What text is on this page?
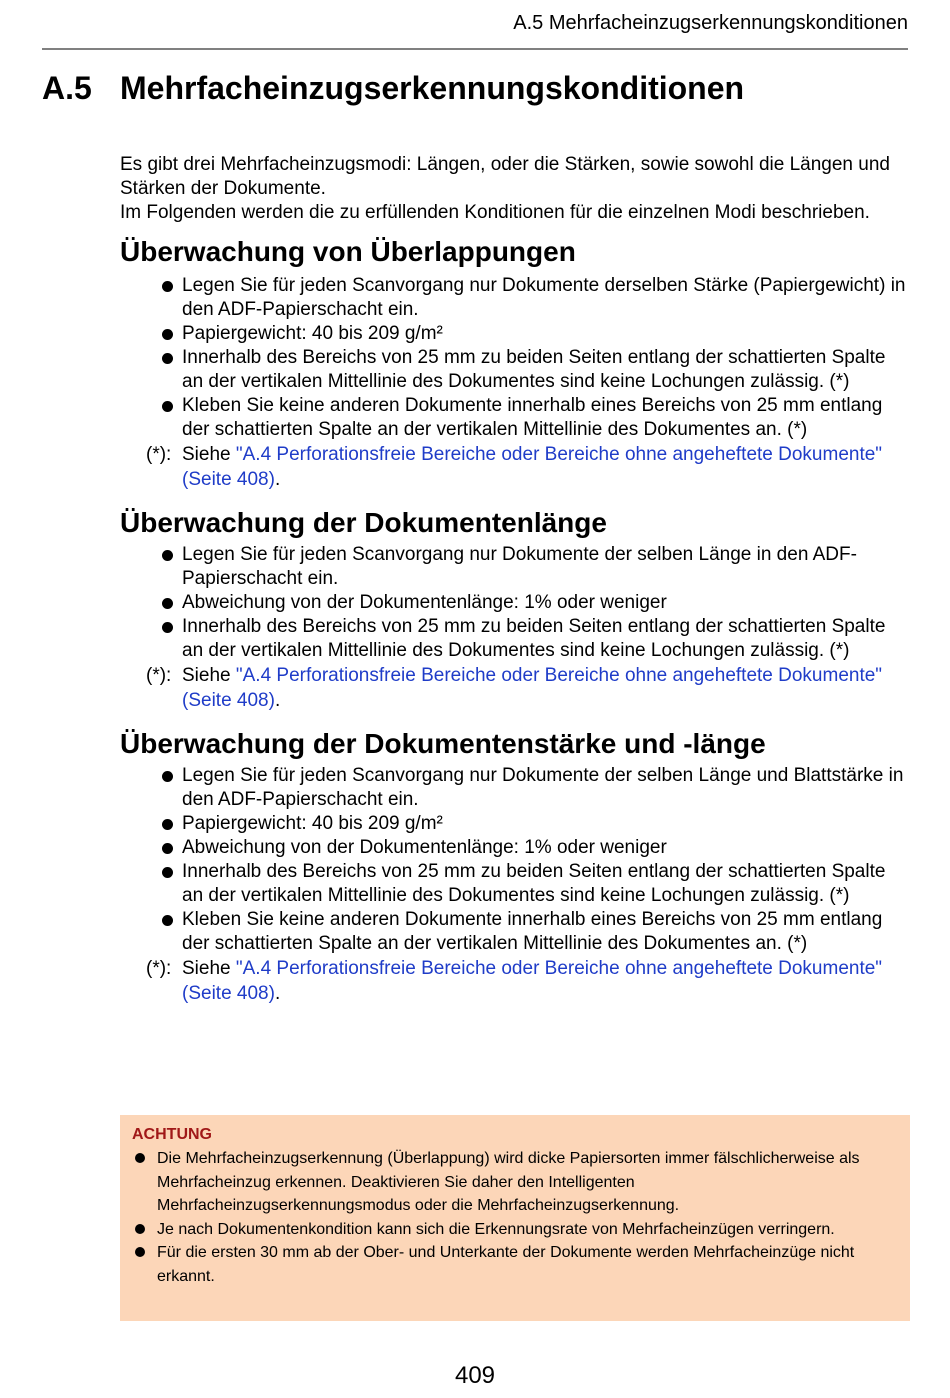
A.5 Mehrfacheinzugserkennungskonditionen
A.5 Mehrfacheinzugserkennungskonditionen

Es gibt drei Mehrfacheinzugsmodi: Längen, oder die Stärken, sowie sowohl die Längen und Stärken der Dokumente.

Im Folgenden werden die zu erfüllenden Konditionen für die einzelnen Modi beschrieben.

Überwachung von Überlappungen
Legen Sie für jeden Scanvorgang nur Dokumente derselben Stärke (Papiergewicht) in den ADF-Papierschacht ein.
Papiergewicht: 40 bis 209 g/m²
Innerhalb des Bereichs von 25 mm zu beiden Seiten entlang der schattierten Spalte an der vertikalen Mittellinie des Dokumentes sind keine Lochungen zulässig. (*)
Kleben Sie keine anderen Dokumente innerhalb eines Bereichs von 25 mm entlang der schattierten Spalte an der vertikalen Mittellinie des Dokumentes an. (*)
(*): Siehe "A.4 Perforationsfreie Bereiche oder Bereiche ohne angeheftete Dokumente" (Seite 408).
Überwachung der Dokumentenlänge
Legen Sie für jeden Scanvorgang nur Dokumente der selben Länge in den ADF-Papierschacht ein.
Abweichung von der Dokumentenlänge: 1% oder weniger
Innerhalb des Bereichs von 25 mm zu beiden Seiten entlang der schattierten Spalte an der vertikalen Mittellinie des Dokumentes sind keine Lochungen zulässig. (*)
(*): Siehe "A.4 Perforationsfreie Bereiche oder Bereiche ohne angeheftete Dokumente" (Seite 408).
Überwachung der Dokumentenstärke und -länge
Legen Sie für jeden Scanvorgang nur Dokumente der selben Länge und Blattstärke in den ADF-Papierschacht ein.
Papiergewicht: 40 bis 209 g/m²
Abweichung von der Dokumentenlänge: 1% oder weniger
Innerhalb des Bereichs von 25 mm zu beiden Seiten entlang der schattierten Spalte an der vertikalen Mittellinie des Dokumentes sind keine Lochungen zulässig. (*)
Kleben Sie keine anderen Dokumente innerhalb eines Bereichs von 25 mm entlang der schattierten Spalte an der vertikalen Mittellinie des Dokumentes an. (*)
(*): Siehe "A.4 Perforationsfreie Bereiche oder Bereiche ohne angeheftete Dokumente" (Seite 408).
ACHTUNG
Die Mehrfacheinzugserkennung (Überlappung) wird dicke Papiersorten immer fälschlicherweise als Mehrfacheinzug erkennen. Deaktivieren Sie daher den Intelligenten Mehrfacheinzugserkennungsmodus oder die Mehrfacheinzugserkennung.
Je nach Dokumentenkondition kann sich die Erkennungsrate von Mehrfacheinzügen verringern.
Für die ersten 30 mm ab der Ober- und Unterkante der Dokumente werden Mehrfacheinzüge nicht erkannt.
409
